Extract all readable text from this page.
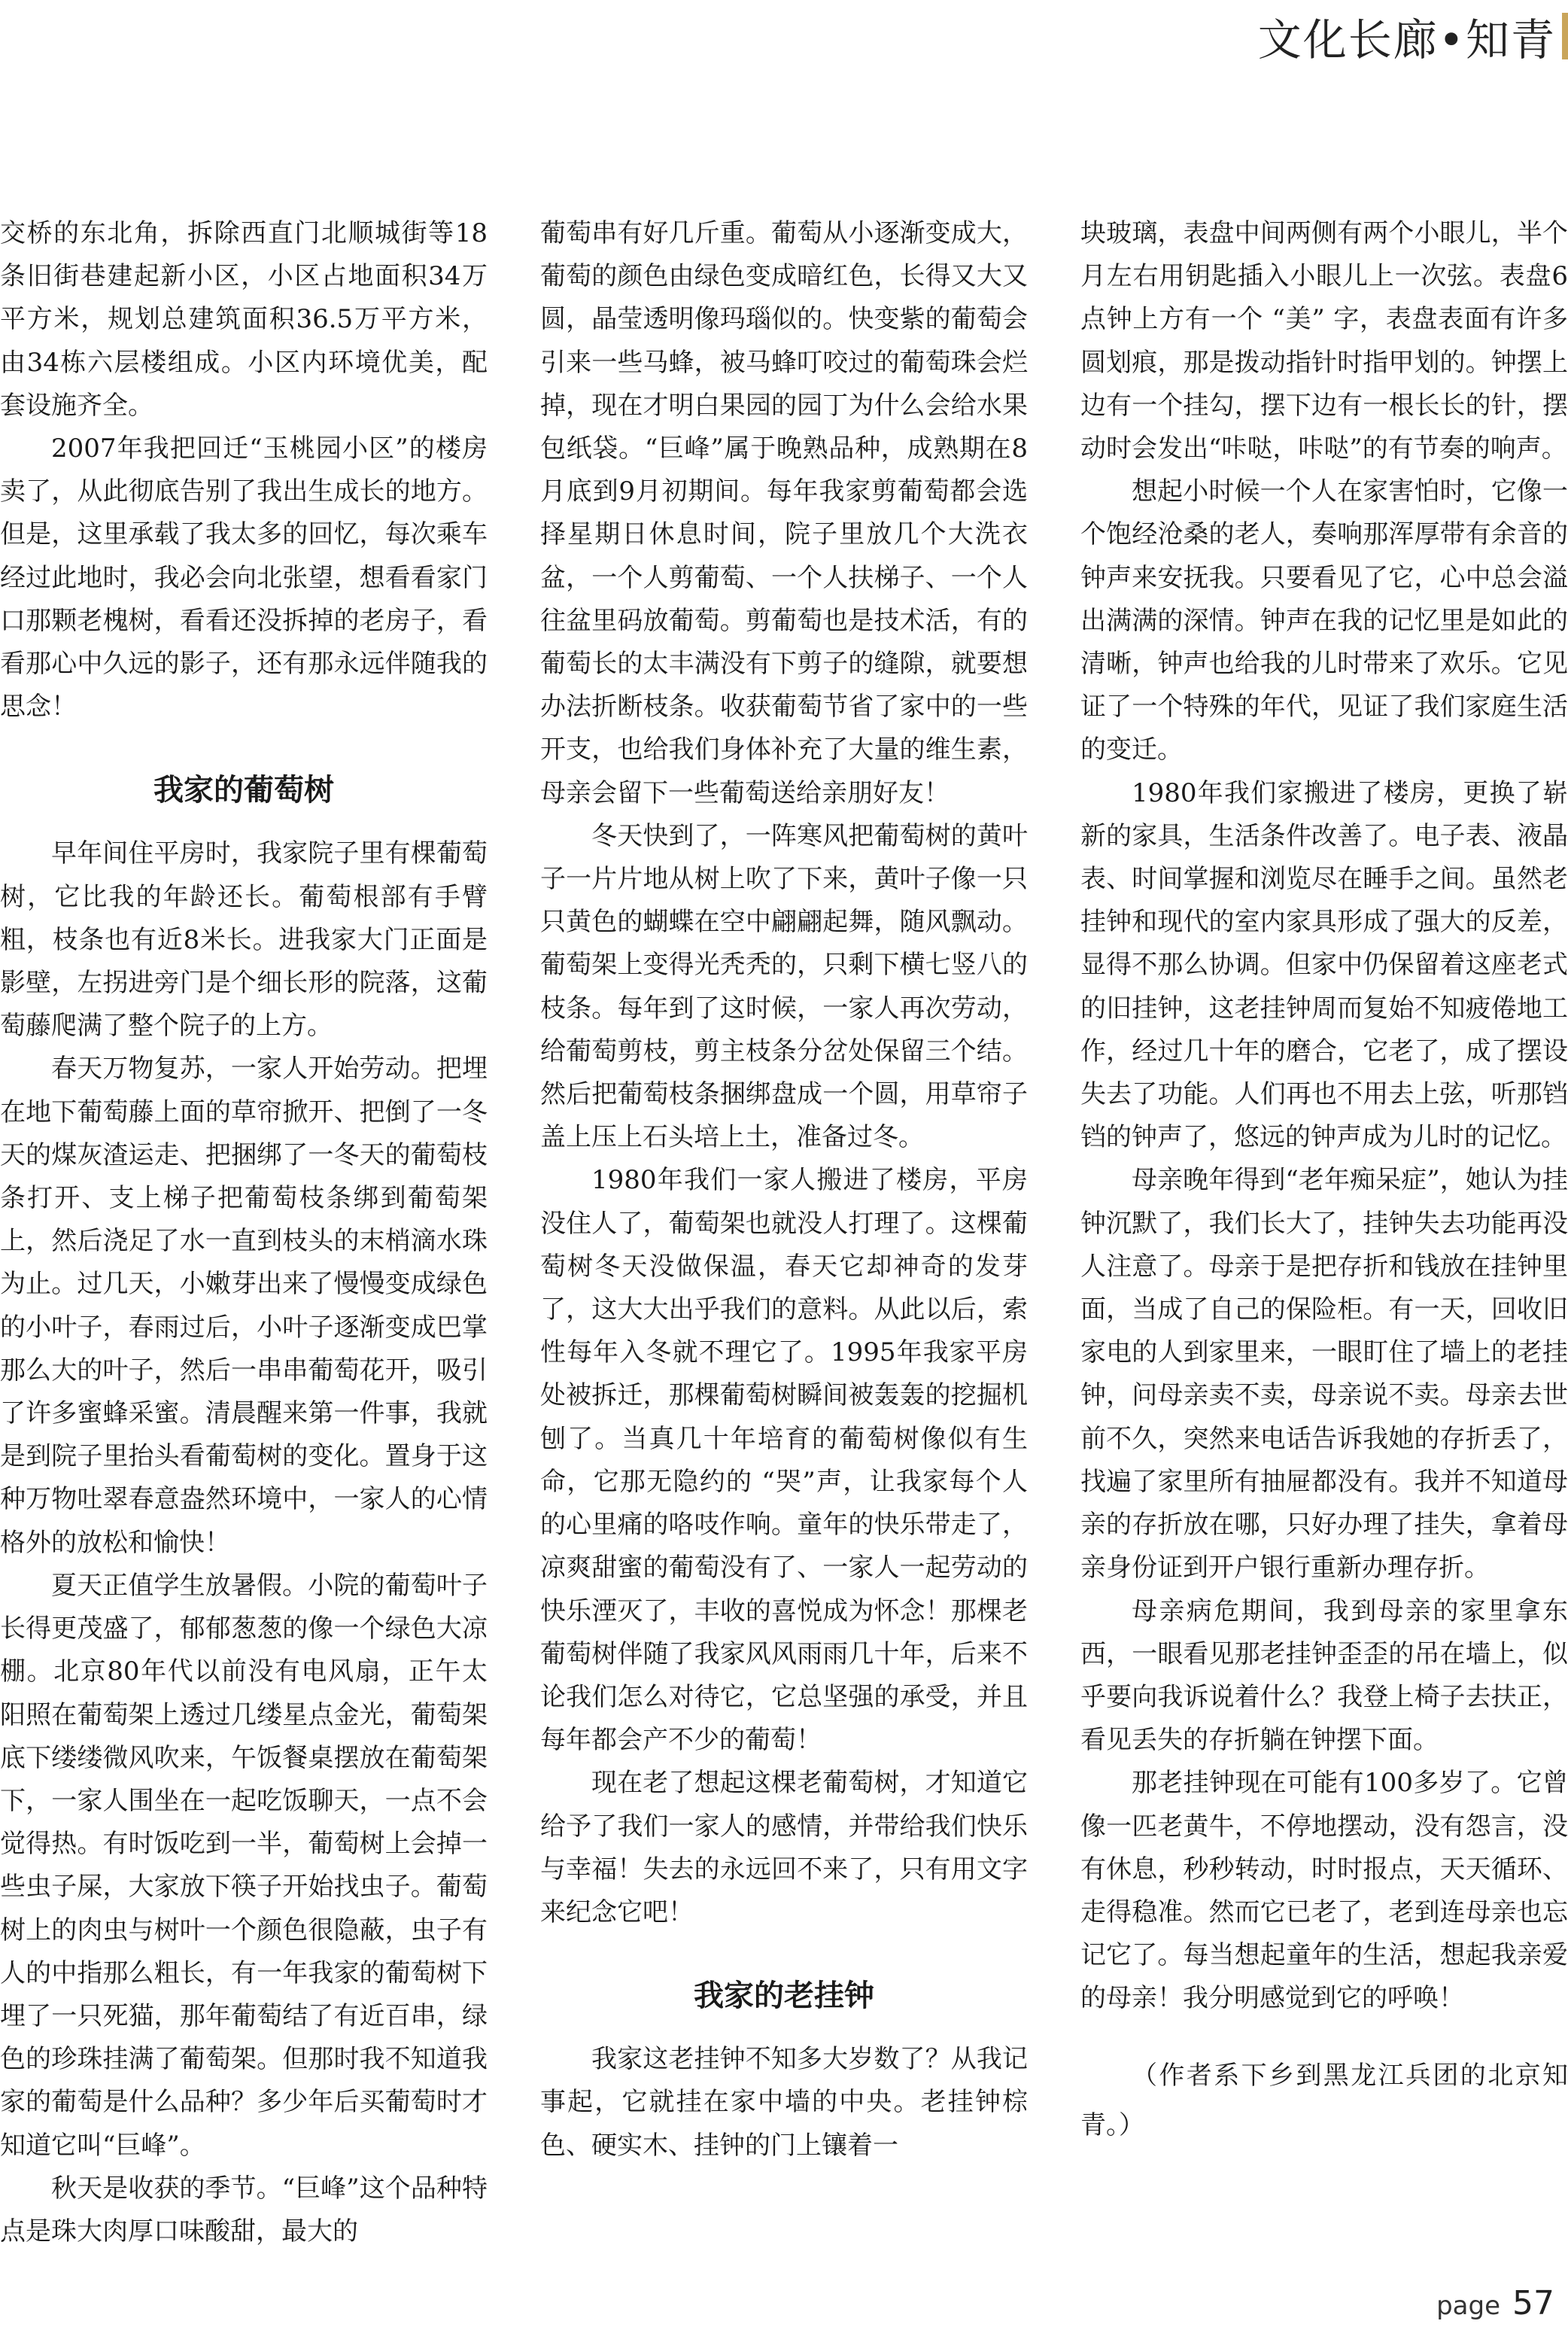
文化长廊•知青

交桥的东北角，拆除西直门北顺城街等18条旧街巷建起新小区，小区占地面积34万平方米，规划总建筑面积36.5万平方米，由34栋六层楼组成。小区内环境优美，配套设施齐全。

2007年我把回迁“玉桃园小区”的楼房卖了，从此彻底告别了我出生成长的地方。但是，这里承载了我太多的回忆，每次乘车经过此地时，我必会向北张望，想看看家门口那颗老槐树，看看还没拆掉的老房子，看看那心中久远的影子，还有那永远伴随我的思念！

我家的葡萄树

早年间住平房时，我家院子里有棵葡萄树，它比我的年龄还长。葡萄根部有手臂粗，枝条也有近8米长。进我家大门正面是影壁，左拐进旁门是个细长形的院落，这葡萄藤爬满了整个院子的上方。

春天万物复苏，一家人开始劳动。把埋在地下葡萄藤上面的草帘掀开、把倒了一冬天的煤灰渣运走、把捆绑了一冬天的葡萄枝条打开、支上梯子把葡萄枝条绑到葡萄架上，然后浇足了水一直到枝头的末梢滴水珠为止。过几天，小嫩芽出来了慢慢变成绿色的小叶子，春雨过后，小叶子逐渐变成巴掌那么大的叶子，然后一串串葡萄花开，吸引了许多蜜蜂采蜜。清晨醒来第一件事，我就是到院子里抬头看葡萄树的变化。置身于这种万物吐翠春意盎然环境中，一家人的心情格外的放松和愉快！

夏天正值学生放暑假。小院的葡萄叶子长得更茂盛了，郁郁葱葱的像一个绿色大凉棚。北京80年代以前没有电风扇，正午太阳照在葡萄架上透过几缕星点金光，葡萄架底下缕缕微风吹来，午饭餐桌摆放在葡萄架下，一家人围坐在一起吃饭聊天，一点不会觉得热。有时饭吃到一半，葡萄树上会掉一些虫子屎，大家放下筷子开始找虫子。葡萄树上的肉虫与树叶一个颜色很隐蔽，虫子有人的中指那么粗长，有一年我家的葡萄树下埋了一只死猫，那年葡萄结了有近百串，绿色的珍珠挂满了葡萄架。但那时我不知道我家的葡萄是什么品种？多少年后买葡萄时才知道它叫“巨峰”。

秋天是收获的季节。“巨峰”这个品种特点是珠大肉厚口味酸甜，最大的

葡萄串有好几斤重。葡萄从小逐渐变成大，葡萄的颜色由绿色变成暗红色，长得又大又圆，晶莹透明像玛瑙似的。快变紫的葡萄会引来一些马蜂，被马蜂叮咬过的葡萄珠会烂掉，现在才明白果园的园丁为什么会给水果包纸袋。“巨峰”属于晚熟品种，成熟期在8月底到9月初期间。每年我家剪葡萄都会选择星期日休息时间，院子里放几个大洗衣盆，一个人剪葡萄、一个人扶梯子、一个人往盆里码放葡萄。剪葡萄也是技术活，有的葡萄长的太丰满没有下剪子的缝隙，就要想办法折断枝条。收获葡萄节省了家中的一些开支，也给我们身体补充了大量的维生素，母亲会留下一些葡萄送给亲朋好友！

冬天快到了，一阵寒风把葡萄树的黄叶子一片片地从树上吹了下来，黄叶子像一只只黄色的蝴蝶在空中翩翩起舞，随风飘动。葡萄架上变得光秃秃的，只剩下横七竖八的枝条。每年到了这时候，一家人再次劳动，给葡萄剪枝，剪主枝条分岔处保留三个结。然后把葡萄枝条捆绑盘成一个圆，用草帘子盖上压上石头培上土，准备过冬。

1980年我们一家人搬进了楼房，平房没住人了，葡萄架也就没人打理了。这棵葡萄树冬天没做保温，春天它却神奇的发芽了，这大大出乎我们的意料。从此以后，索性每年入冬就不理它了。1995年我家平房处被拆迁，那棵葡萄树瞬间被轰轰的挖掘机刨了。当真几十年培育的葡萄树像似有生命，它那无隐约的 “哭”声，让我家每个人的心里痛的咯吱作响。童年的快乐带走了，凉爽甜蜜的葡萄没有了、一家人一起劳动的快乐湮灭了，丰收的喜悦成为怀念！那棵老葡萄树伴随了我家风风雨雨几十年，后来不论我们怎么对待它，它总坚强的承受，并且每年都会产不少的葡萄！

现在老了想起这棵老葡萄树，才知道它给予了我们一家人的感情，并带给我们快乐与幸福！失去的永远回不来了，只有用文字来纪念它吧！

我家的老挂钟

我家这老挂钟不知多大岁数了？从我记事起，它就挂在家中墙的中央。老挂钟棕色、硬实木、挂钟的门上镶着一

块玻璃，表盘中间两侧有两个小眼儿，半个月左右用钥匙插入小眼儿上一次弦。表盘6点钟上方有一个 “美” 字，表盘表面有许多圆划痕，那是拨动指针时指甲划的。钟摆上边有一个挂勾，摆下边有一根长长的针，摆动时会发出“咔哒，咔哒”的有节奏的响声。

想起小时候一个人在家害怕时，它像一个饱经沧桑的老人，奏响那浑厚带有余音的钟声来安抚我。只要看见了它，心中总会溢出满满的深情。钟声在我的记忆里是如此的清晰，钟声也给我的儿时带来了欢乐。它见证了一个特殊的年代，见证了我们家庭生活的变迁。

1980年我们家搬进了楼房，更换了崭新的家具，生活条件改善了。电子表、液晶表、时间掌握和浏览尽在睡手之间。虽然老挂钟和现代的室内家具形成了强大的反差，显得不那么协调。但家中仍保留着这座老式的旧挂钟，这老挂钟周而复始不知疲倦地工作，经过几十年的磨合，它老了，成了摆设失去了功能。人们再也不用去上弦，听那铛铛的钟声了，悠远的钟声成为儿时的记忆。

母亲晚年得到“老年痴呆症”，她认为挂钟沉默了，我们长大了，挂钟失去功能再没人注意了。母亲于是把存折和钱放在挂钟里面，当成了自己的保险柜。有一天，回收旧家电的人到家里来，一眼盯住了墙上的老挂钟，问母亲卖不卖，母亲说不卖。母亲去世前不久，突然来电话告诉我她的存折丢了，找遍了家里所有抽屉都没有。我并不知道母亲的存折放在哪，只好办理了挂失，拿着母亲身份证到开户银行重新办理存折。

母亲病危期间，我到母亲的家里拿东西，一眼看见那老挂钟歪歪的吊在墙上，似乎要向我诉说着什么？我登上椅子去扶正，看见丢失的存折躺在钟摆下面。

那老挂钟现在可能有100多岁了。它曾像一匹老黄牛，不停地摆动，没有怨言，没有休息，秒秒转动，时时报点，天天循环、走得稳准。然而它已老了，老到连母亲也忘记它了。每当想起童年的生活，想起我亲爱的母亲！我分明感觉到它的呼唤！

（作者系下乡到黑龙江兵团的北京知青。）

page 57
